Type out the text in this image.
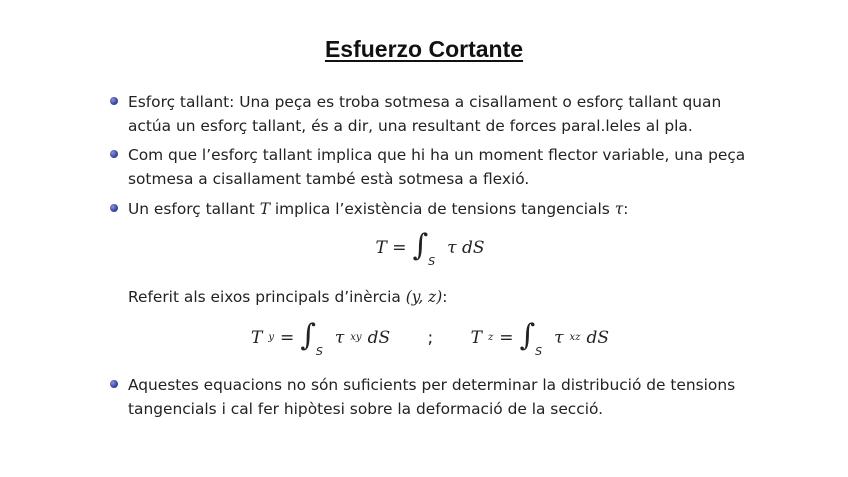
Esfuerzo Cortante
Esforç tallant: Una peça es troba sotmesa a cisallament o esforç tallant quan actúa un esforç tallant, és a dir, una resultant de forces paral.leles al pla.
Com que l’esforç tallant implica que hi ha un moment flector variable, una peça sotmesa a cisallament també està sotmesa a flexió.
Un esforç tallant T implica l’existència de tensions tangencials τ:
T = ∫ S
τ dS
Referit als eixos principals d’inèrcia (y, z):
T y = ∫ S
τ xy dS ; T z = ∫ S
τ xz dS
Aquestes equacions no són suficients per determinar la distribució de tensions tangencials i cal fer hipòtesi sobre la deformació de la secció.
